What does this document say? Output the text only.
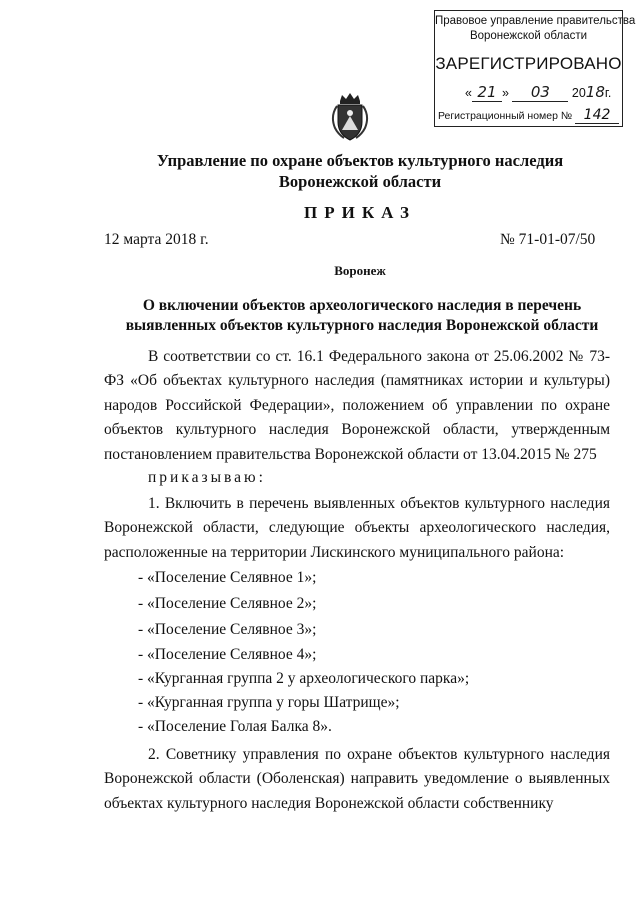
Правовое управление правительства
Воронежской области
ЗАРЕГИСТРИРОВАНО
« 21 » 03 2018г.
Регистрационный номер № 142
Управление по охране объектов культурного наследия
Воронежской области
ПРИКАЗ
12 марта 2018 г.	№ 71-01-07/50
Воронеж
О включении объектов археологического наследия в перечень
выявленных объектов культурного наследия Воронежской области

В соответствии со ст. 16.1 Федерального закона от 25.06.2002 № 73-ФЗ «Об объектах культурного наследия (памятниках истории и культуры) народов Российской Федерации», положением об управлении по охране объектов культурного наследия Воронежской области, утвержденным постановлением правительства Воронежской области от 13.04.2015 № 275

приказываю:

1. Включить в перечень выявленных объектов культурного наследия Воронежской области, следующие объекты археологического наследия, расположенные на территории Лискинского муниципального района:

- «Поселение Селявное 1»;
- «Поселение Селявное 2»;
- «Поселение Селявное 3»;
- «Поселение Селявное 4»;
- «Курганная группа 2 у археологического парка»;
- «Курганная группа у горы Шатрище»;
- «Поселение Голая Балка 8».

2. Советнику управления по охране объектов культурного наследия Воронежской области (Оболенская) направить уведомление о выявленных объектах культурного наследия Воронежской области собственнику
